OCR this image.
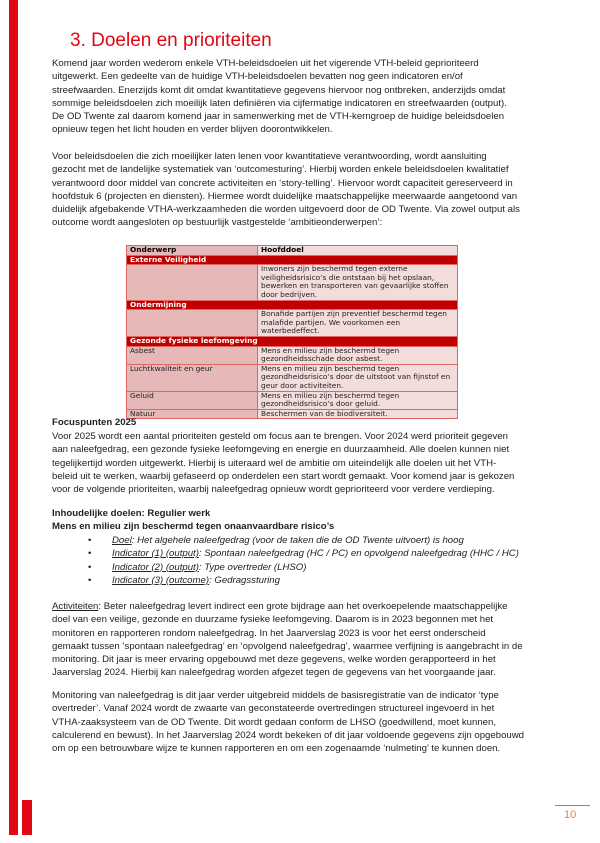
3. Doelen en prioriteiten
Komend jaar worden wederom enkele VTH-beleidsdoelen uit het vigerende VTH-beleid geprioriteerd
uitgewerkt. Een gedeelte van de huidige VTH-beleidsdoelen bevatten nog geen indicatoren en/of
streefwaarden. Enerzijds komt dit omdat kwantitatieve gegevens hiervoor nog ontbreken, anderzijds omdat
sommige beleidsdoelen zich moeilijk laten definiëren via cijfermatige indicatoren en streefwaarden (output).
De OD Twente zal daarom komend jaar in samenwerking met de VTH-kerngroep de huidige beleidsdoelen
opnieuw tegen het licht houden en verder blijven doorontwikkelen.
Voor beleidsdoelen die zich moeilijker laten lenen voor kwantitatieve verantwoording, wordt aansluiting
gezocht met de landelijke systematiek van ‘outcomesturing’. Hierbij worden enkele beleidsdoelen kwalitatief
verantwoord door middel van concrete activiteiten en ‘story-telling’. Hiervoor wordt capaciteit gereserveerd in
hoofdstuk 6 (projecten en diensten). Hiermee wordt duidelijke maatschappelijke meerwaarde aangetoond van
duidelijk afgebakende VTHA-werkzaamheden die worden uitgevoerd door de OD Twente. Via zowel output als
outcome wordt aangesloten op bestuurlijk vastgestelde ‘ambitieonderwerpen’:
Onderwerp	Hoofddoel
Externe Veiligheid	
	Inwoners zijn beschermd tegen externe veiligheidsrisico’s die ontstaan bij het opslaan, bewerken en transporteren van gevaarlijke stoffen door bedrijven.
Ondermijning	
	Bonafide partijen zijn preventief beschermd tegen malafide partijen. We voorkomen een waterbedeffect.
Gezonde fysieke leefomgeving	
Asbest	Mens en milieu zijn beschermd tegen gezondheidsschade door asbest.
Luchtkwaliteit en geur	Mens en milieu zijn beschermd tegen gezondheidsrisico’s door de uitstoot van fijnstof en geur door activiteiten.
Geluid	Mens en milieu zijn beschermd tegen gezondheidsrisico’s door geluid.
Natuur	Beschermen van de biodiversiteit.
Focuspunten 2025
Voor 2025 wordt een aantal prioriteiten gesteld om focus aan te brengen. Voor 2024 werd prioriteit gegeven
aan naleefgedrag, een gezonde fysieke leefomgeving en energie en duurzaamheid. Alle doelen kunnen niet
tegelijkertijd worden uitgewerkt. Hierbij is uiteraard wel de ambitie om uiteindelijk alle doelen uit het VTH-
beleid uit te werken, waarbij gefaseerd op onderdelen een start wordt gemaakt. Voor komend jaar is gekozen
voor de volgende prioriteiten, waarbij naleefgedrag opnieuw wordt geprioriteerd voor verdere verdieping.
Inhoudelijke doelen: Regulier werk
Mens en milieu zijn beschermd tegen onaanvaardbare risico’s
• Doel: Het algehele naleefgedrag (voor de taken die de OD Twente uitvoert) is hoog
• Indicator (1) (output): Spontaan naleefgedrag (HC / PC) en opvolgend naleefgedrag (HHC / HC)
• Indicator (2) (output): Type overtreder (LHSO)
• Indicator (3) (outcome): Gedragssturing
Activiteiten: Beter naleefgedrag levert indirect een grote bijdrage aan het overkoepelende maatschappelijke
doel van een veilige, gezonde en duurzame fysieke leefomgeving. Daarom is in 2023 begonnen met het
monitoren en rapporteren rondom naleefgedrag. In het Jaarverslag 2023 is voor het eerst onderscheid
gemaakt tussen ‘spontaan naleefgedrag’ en ‘opvolgend naleefgedrag’, waarmee verfijning is aangebracht in de
monitoring. Dit jaar is meer ervaring opgebouwd met deze gegevens, welke worden gerapporteerd in het
Jaarverslag 2024. Hierbij kan naleefgedrag worden afgezet tegen de gegevens van het voorgaande jaar.
Monitoring van naleefgedrag is dit jaar verder uitgebreid middels de basisregistratie van de indicator ‘type
overtreder’. Vanaf 2024 wordt de zwaarte van geconstateerde overtredingen structureel ingevoerd in het
VTHA-zaaksysteem van de OD Twente. Dit wordt gedaan conform de LHSO (goedwillend, moet kunnen,
calculerend en bewust). In het Jaarverslag 2024 wordt bekeken of dit jaar voldoende gegevens zijn opgebouwd
om op een betrouwbare wijze te kunnen rapporteren en om een zogenaamde ‘nulmeting’ te kunnen doen.
10
